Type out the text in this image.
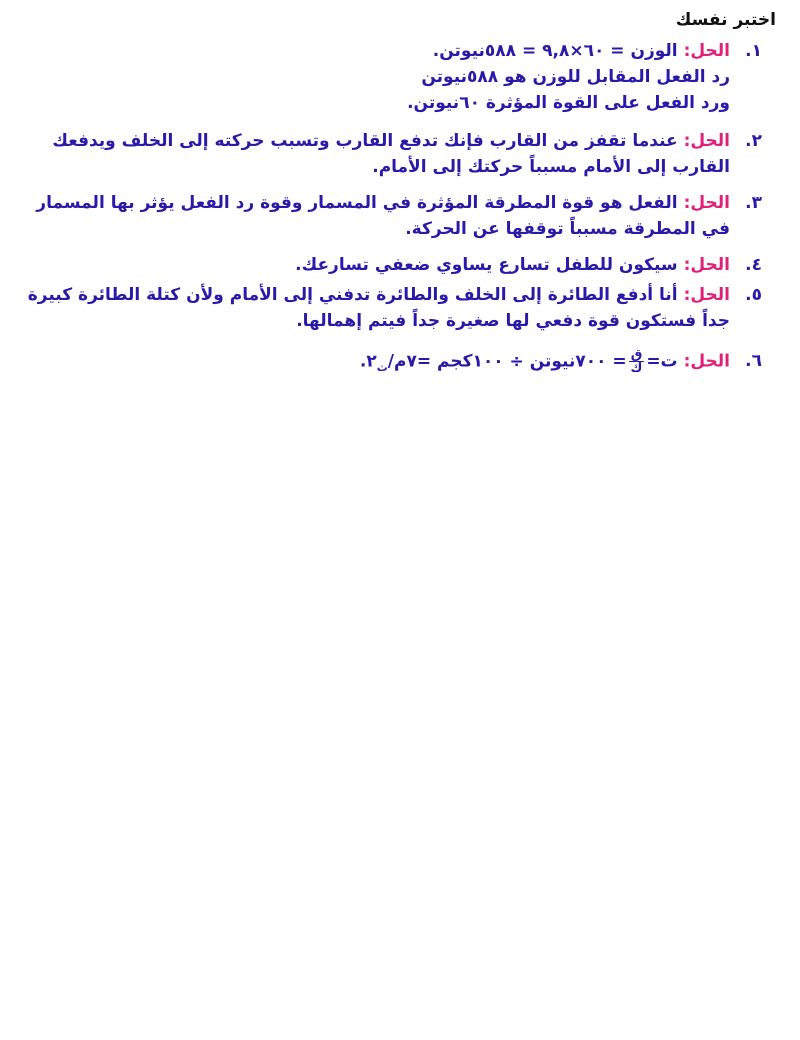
اختبر نفسك
١.
الحل: الوزن = ٦٠×٩,٨ = ٥٨٨نيوتن.
رد الفعل المقابل للوزن هو ٥٨٨نيوتن
ورد الفعل على القوة المؤثرة ٦٠نيوتن.
٢.
الحل: عندما تقفز من القارب فإنك تدفع القارب وتسبب حركته إلى الخلف ويدفعك القارب إلى الأمام مسبباً حركتك إلى الأمام.
٣.
الحل: الفعل هو قوة المطرقة المؤثرة في المسمار وقوة رد الفعل يؤثر بها المسمار في المطرقة مسبباً توقفها عن الحركة.
٤.
الحل: سيكون للطفل تسارع يساوي ضعفي تسارعك.
٥.
الحل: أنا أدفع الطائرة إلى الخلف والطائرة تدفني إلى الأمام ولأن كتلة الطائرة كبيرة جداً فستكون قوة دفعي لها صغيرة جداً فيتم إهمالها.
٦.
الحل: ت=
$\frac{\text{ق}}{\text{ك}}$
= ٧٠٠نيوتن ÷ ١٠٠كجم $=٧م/_ث٢$.
